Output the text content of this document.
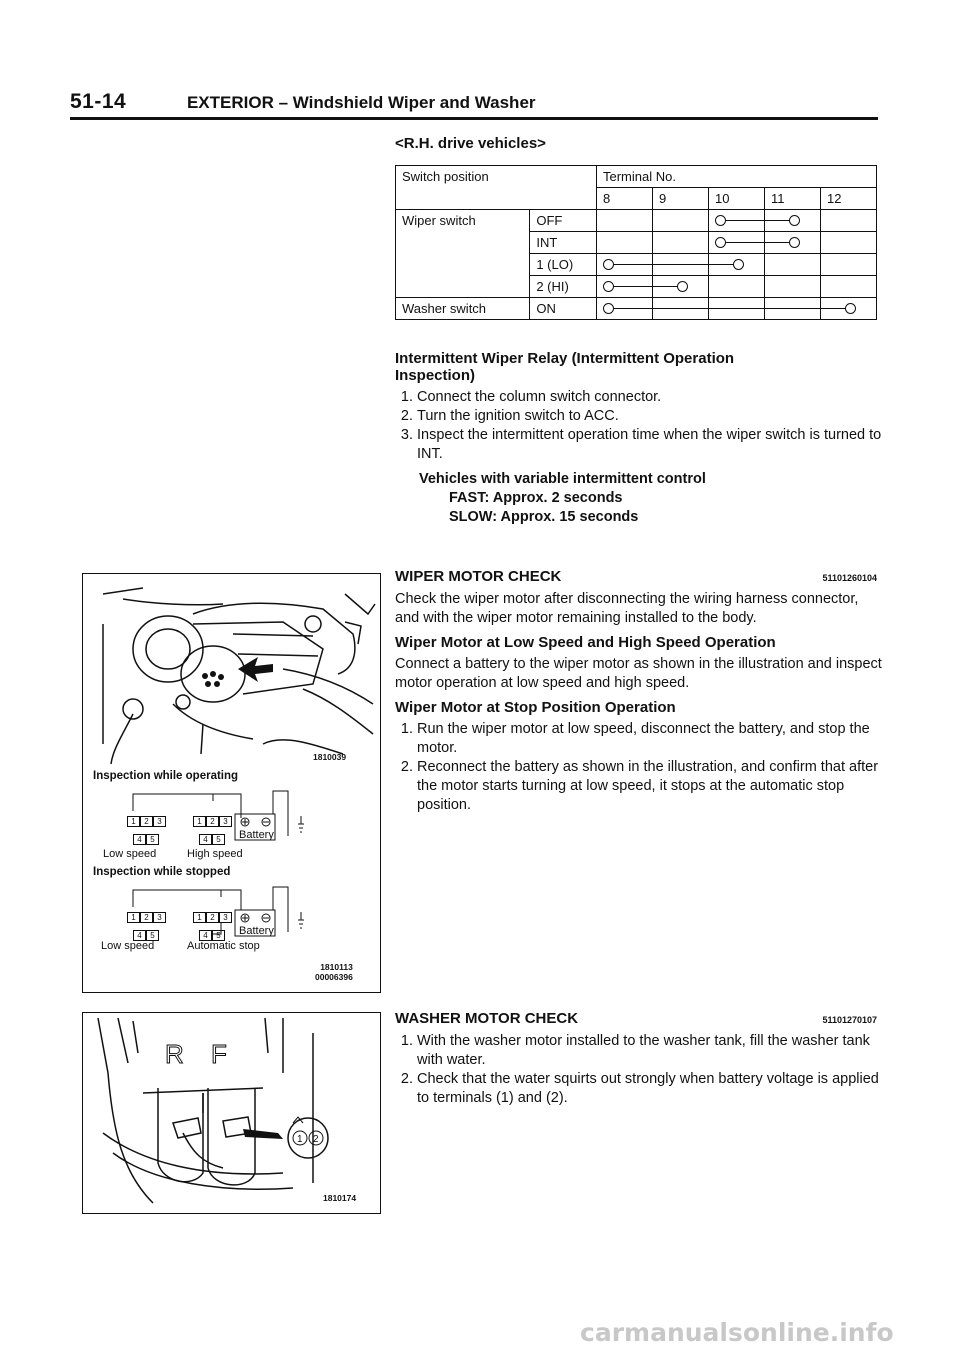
51-14	EXTERIOR – Windshield Wiper and Washer
<R.H. drive vehicles>
Switch position		Terminal No.				
		8	9	10	11	12
Wiper switch	OFF					
	INT					
	1 (LO)					
	2 (HI)					
Washer switch	ON					
Intermittent Wiper Relay (Intermittent Operation
Inspection)
1. Connect the column switch connector.
2. Turn the ignition switch to ACC.
3. Inspect the intermittent operation time when the wiper switch is turned to INT.
Vehicles with variable intermittent control
FAST: Approx. 2 seconds
SLOW: Approx. 15 seconds
WIPER MOTOR CHECK	51101260104
Check the wiper motor after disconnecting the wiring harness connector, and with the wiper motor remaining installed to the body.
Wiper Motor at Low Speed and High Speed Operation
Connect a battery to the wiper motor as shown in the illustration and inspect motor operation at low speed and high speed.
Wiper Motor at Stop Position Operation
1. Run the wiper motor at low speed, disconnect the battery, and stop the motor.
2. Reconnect the battery as shown in the illustration, and confirm that after the motor starts turning at low speed, it stops at the automatic stop position.
1810039
Inspection while operating
1 2 3
4 5
1 2 3
4 5	Battery
Low speed	High speed
Inspection while stopped
1 2 3
4 5
1 2 3
4 5	Battery
Low speed	Automatic stop
1810113
00006396
WASHER MOTOR CHECK	51101270107
1. With the washer motor installed to the washer tank, fill the washer tank with water.
2. Check that the water squirts out strongly when battery voltage is applied to terminals (1) and (2).
R F
1 2
1810174
carmanualsonline.info
